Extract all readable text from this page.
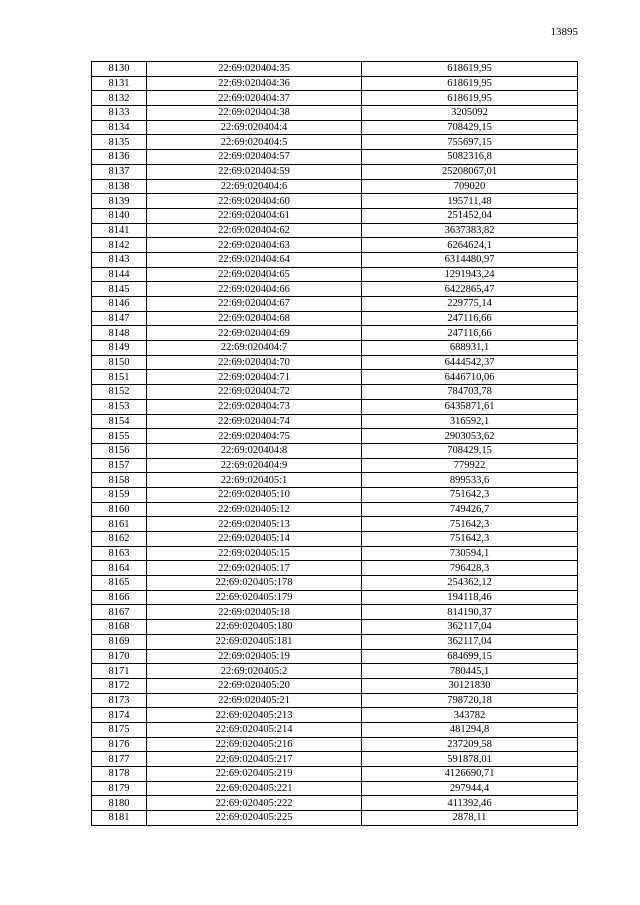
13895
8130	22:69:020404:35	618619,95
8131	22:69:020404:36	618619,95
8132	22:69:020404:37	618619,95
8133	22:69:020404:38	3205092
8134	22:69:020404:4	708429,15
8135	22:69:020404:5	755697,15
8136	22:69:020404:57	5082316,8
8137	22:69:020404:59	25208067,01
8138	22:69:020404:6	709020
8139	22:69:020404:60	195711,48
8140	22:69:020404:61	251452,04
8141	22:69:020404:62	3637383,82
8142	22:69:020404:63	6264624,1
8143	22:69:020404:64	6314480,97
8144	22:69:020404:65	1291943,24
8145	22:69:020404:66	6422865,47
8146	22:69:020404:67	229775,14
8147	22:69:020404:68	247116,66
8148	22:69:020404:69	247116,66
8149	22:69:020404:7	688931,1
8150	22:69:020404:70	6444542,37
8151	22:69:020404:71	6446710,06
8152	22:69:020404:72	784703,78
8153	22:69:020404:73	6435871,61
8154	22:69:020404:74	316592,1
8155	22:69:020404:75	2903053,62
8156	22:69:020404:8	708429,15
8157	22:69:020404:9	779922
8158	22:69:020405:1	899533,6
8159	22:69:020405:10	751642,3
8160	22:69:020405:12	749426,7
8161	22:69:020405:13	751642,3
8162	22:69:020405:14	751642,3
8163	22:69:020405:15	730594,1
8164	22:69:020405:17	796428,3
8165	22:69:020405:178	254362,12
8166	22:69:020405:179	194118,46
8167	22:69:020405:18	814190,37
8168	22:69:020405:180	362117,04
8169	22:69:020405:181	362117,04
8170	22:69:020405:19	684699,15
8171	22:69:020405:2	780445,1
8172	22:69:020405:20	30121830
8173	22:69:020405:21	798720,18
8174	22:69:020405:213	343782
8175	22:69:020405:214	481294,8
8176	22:69:020405:216	237209,58
8177	22:69:020405:217	591878,01
8178	22:69:020405:219	4126690,71
8179	22:69:020405:221	297944,4
8180	22:69:020405:222	411392,46
8181	22:69:020405:225	2878,11
